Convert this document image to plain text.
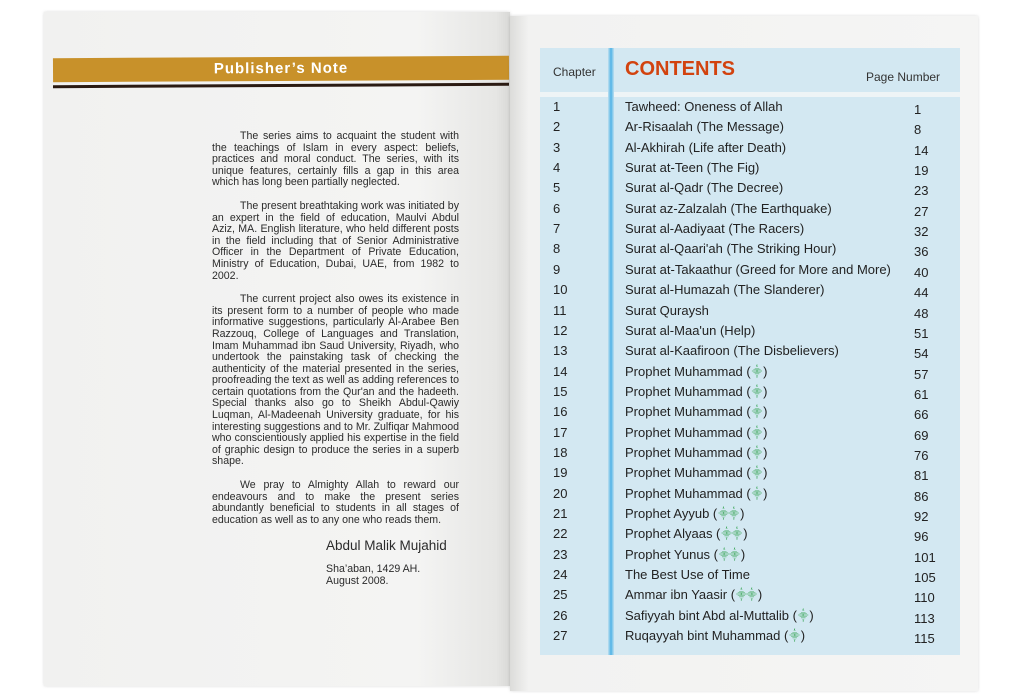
Publisher’s Note

The series aims to acquaint the student with the teachings of Islam in every aspect: beliefs, practices and moral conduct. The series, with its unique features, certainly fills a gap in this area which has long been partially neglected.

The present breathtaking work was initiated by an expert in the field of education, Maulvi Abdul Aziz, MA. English literature, who held different posts in the field including that of Senior Administrative Officer in the Department of Private Education, Ministry of Education, Dubai, UAE, from 1982 to 2002.

The current project also owes its existence in its present form to a number of people who made informative suggestions, particularly Al-Arabee Ben Razzouq, College of Languages and Translation, Imam Muhammad ibn Saud University, Riyadh, who undertook the painstaking task of checking the authenticity of the material presented in the series, proofreading the text as well as adding references to certain quotations from the Qur'an and the hadeeth. Special thanks also go to Sheikh Abdul-Qawiy Luqman, Al-Madeenah University graduate, for his interesting suggestions and to Mr. Zulfiqar Mahmood who conscientiously applied his expertise in the field of graphic design to produce the series in a superb shape.

We pray to Almighty Allah to reward our endeavours and to make the present series abundantly beneficial to students in all stages of education as well as to any one who reads them.

Abdul Malik Mujahid
Sha’aban, 1429 AH.
August 2008.
Chapter CONTENTS	Page Number
1	Tawheed: Oneness of Allah	1
2	Ar-Risaalah (The Message)	8
3	Al-Akhirah (Life after Death)	14
4	Surat at-Teen (The Fig)	19
5	Surat al-Qadr (The Decree)	23
6	Surat az-Zalzalah (The Earthquake)	27
7	Surat al-Aadiyaat (The Racers)	32
8	Surat al-Qaari'ah (The Striking Hour)	36
9	Surat at-Takaathur (Greed for More and More) 40
10	Surat al-Humazah (The Slanderer)	44
11	Surat Quraysh	48
12	Surat al-Maa'un (Help)	51
13	Surat al-Kaafiroon (The Disbelievers)	54
14	Prophet Muhammad (⸎)	57
15	Prophet Muhammad (⸎)	61
16	Prophet Muhammad (⸎)	66
17	Prophet Muhammad (⸎)	69
18	Prophet Muhammad (⸎)	76
19	Prophet Muhammad (⸎)	81
20	Prophet Muhammad (⸎)	86
21	Prophet Ayyub (⸎⸎)	92
22	Prophet Alyaas (⸎⸎)	96
23	Prophet Yunus (⸎⸎)	101
24	The Best Use of Time	105
25	Ammar ibn Yaasir (⸎⸎)	110
26	Safiyyah bint Abd al-Muttalib (⸎)	113
27	Ruqayyah bint Muhammad (⸎)	115
